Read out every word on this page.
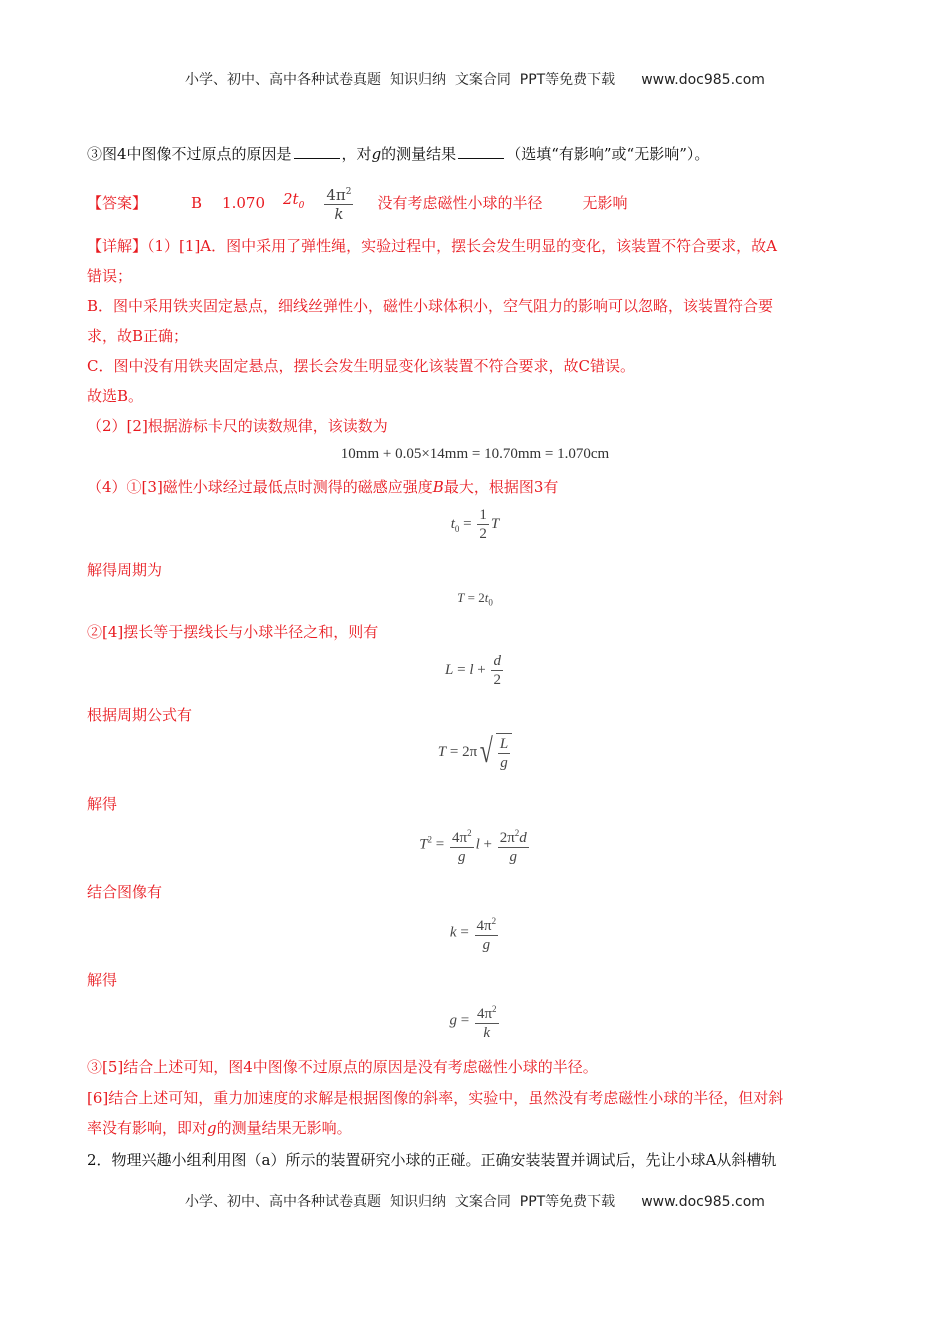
小学、初中、高中各种试卷真题  知识归纳  文案合同  PPT等免费下载 www.doc985.com
③图4中图像不过原点的原因是	，对g的测量结果	（选填“有影响”或“无影响”）。
【答案】	B 1.070 $2t_0 \frac{4\pi^2}{k}$ 没有考虑磁性小球的半径	无影响
【详解】（1）[1]A．图中采用了弹性绳，实验过程中，摆长会发生明显的变化，该装置不符合要求，故A
错误；
B．图中采用铁夹固定悬点，细线丝弹性小，磁性小球体积小，空气阻力的影响可以忽略，该装置符合要
求，故B正确；
C．图中没有用铁夹固定悬点，摆长会发生明显变化该装置不符合要求，故C错误。
故选B。
（2）[2]根据游标卡尺的读数规律，该读数为
10mm + 0.05×14mm = 10.70mm = 1.070cm
（4）①[3]磁性小球经过最低点时测得的磁感应强度B最大，根据图3有
$t_0 = \frac{1}{2}$ T
解得周期为
$T = 2t_0$
②[4]摆长等于摆线长与小球半径之和，则有
$L = l + \frac{d}{2}$
根据周期公式有
T = 2π √ $\frac{L}{g}$
解得
$T^2 = \frac{4\pi^2}{g}$ $l + \frac{2\pi^2d}{g}$
结合图像有
$k = \frac{4\pi^2}{g}$
解得
$g = \frac{4\pi^2}{k}$
③[5]结合上述可知，图4中图像不过原点的原因是没有考虑磁性小球的半径。
[6]结合上述可知，重力加速度的求解是根据图像的斜率，实验中，虽然没有考虑磁性小球的半径，但对斜
率没有影响，即对g的测量结果无影响。
2．物理兴趣小组利用图（a）所示的装置研究小球的正碰。正确安装装置并调试后，先让小球A从斜槽轨
小学、初中、高中各种试卷真题  知识归纳  文案合同  PPT等免费下载 www.doc985.com
